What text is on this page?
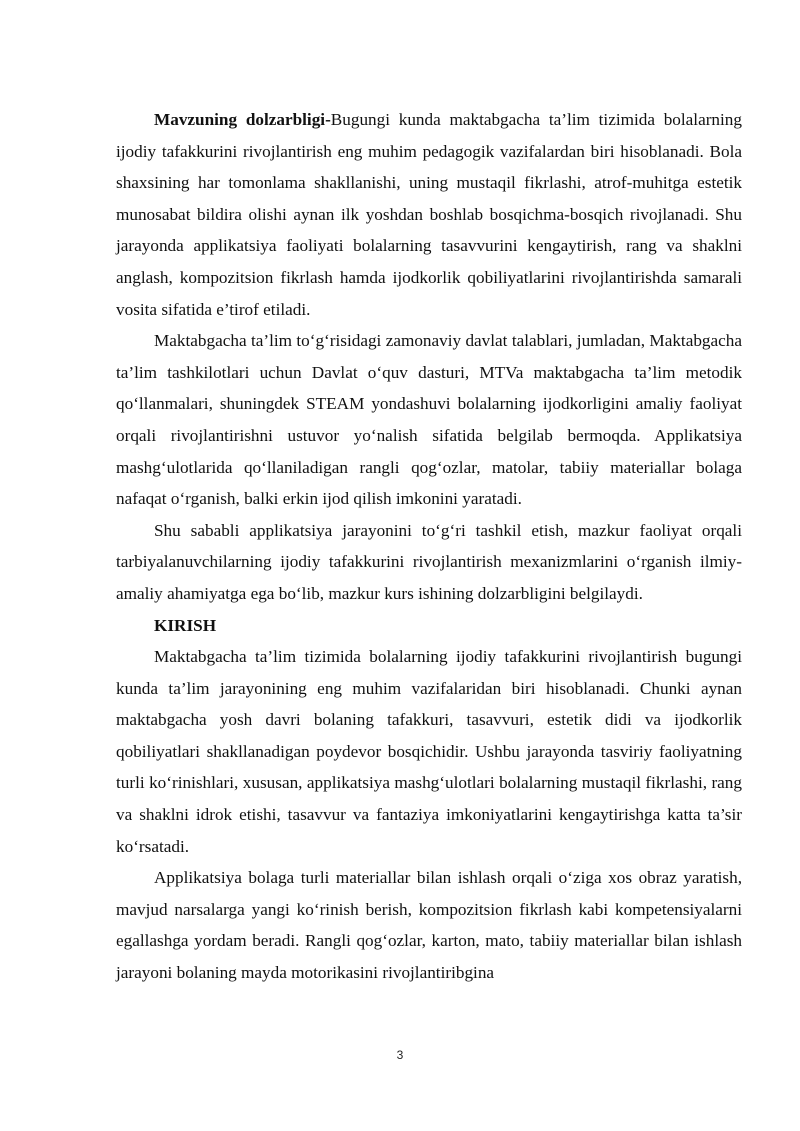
Mavzuning dolzarbligi-Bugungi kunda maktabgacha ta’lim tizimida bolalarning ijodiy tafakkurini rivojlantirish eng muhim pedagogik vazifalardan biri hisoblanadi. Bola shaxsining har tomonlama shakllanishi, uning mustaqil fikrlashi, atrof-muhitga estetik munosabat bildira olishi aynan ilk yoshdan boshlab bosqichma-bosqich rivojlanadi. Shu jarayonda applikatsiya faoliyati bolalarning tasavvurini kengaytirish, rang va shaklni anglash, kompozitsion fikrlash hamda ijodkorlik qobiliyatlarini rivojlantirishda samarali vosita sifatida e’tirof etiladi.

Maktabgacha ta’lim to‘g‘risidagi zamonaviy davlat talablari, jumladan, Maktabgacha ta’lim tashkilotlari uchun Davlat o‘quv dasturi, MTVa maktabgacha ta’lim metodik qo‘llanmalari, shuningdek STEAM yondashuvi bolalarning ijodkorligini amaliy faoliyat orqali rivojlantirishni ustuvor yo‘nalish sifatida belgilab bermoqda. Applikatsiya mashg‘ulotlarida qo‘llaniladigan rangli qog‘ozlar, matolar, tabiiy materiallar bolaga nafaqat o‘rganish, balki erkin ijod qilish imkonini yaratadi.

Shu sababli applikatsiya jarayonini to‘g‘ri tashkil etish, mazkur faoliyat orqali tarbiyalanuvchilarning ijodiy tafakkurini rivojlantirish mexanizmlarini o‘rganish ilmiy-amaliy ahamiyatga ega bo‘lib, mazkur kurs ishining dolzarbligini belgilaydi.

KIRISH

Maktabgacha ta’lim tizimida bolalarning ijodiy tafakkurini rivojlantirish bugungi kunda ta’lim jarayonining eng muhim vazifalaridan biri hisoblanadi. Chunki aynan maktabgacha yosh davri bolaning tafakkuri, tasavvuri, estetik didi va ijodkorlik qobiliyatlari shakllanadigan poydevor bosqichidir. Ushbu jarayonda tasviriy faoliyatning turli ko‘rinishlari, xususan, applikatsiya mashg‘ulotlari bolalarning mustaqil fikrlashi, rang va shaklni idrok etishi, tasavvur va fantaziya imkoniyatlarini kengaytirishga katta ta’sir ko‘rsatadi.

Applikatsiya bolaga turli materiallar bilan ishlash orqali o‘ziga xos obraz yaratish, mavjud narsalarga yangi ko‘rinish berish, kompozitsion fikrlash kabi kompetensiyalarni egallashga yordam beradi. Rangli qog‘ozlar, karton, mato, tabiiy materiallar bilan ishlash jarayoni bolaning mayda motorikasini rivojlantiribgina

3
